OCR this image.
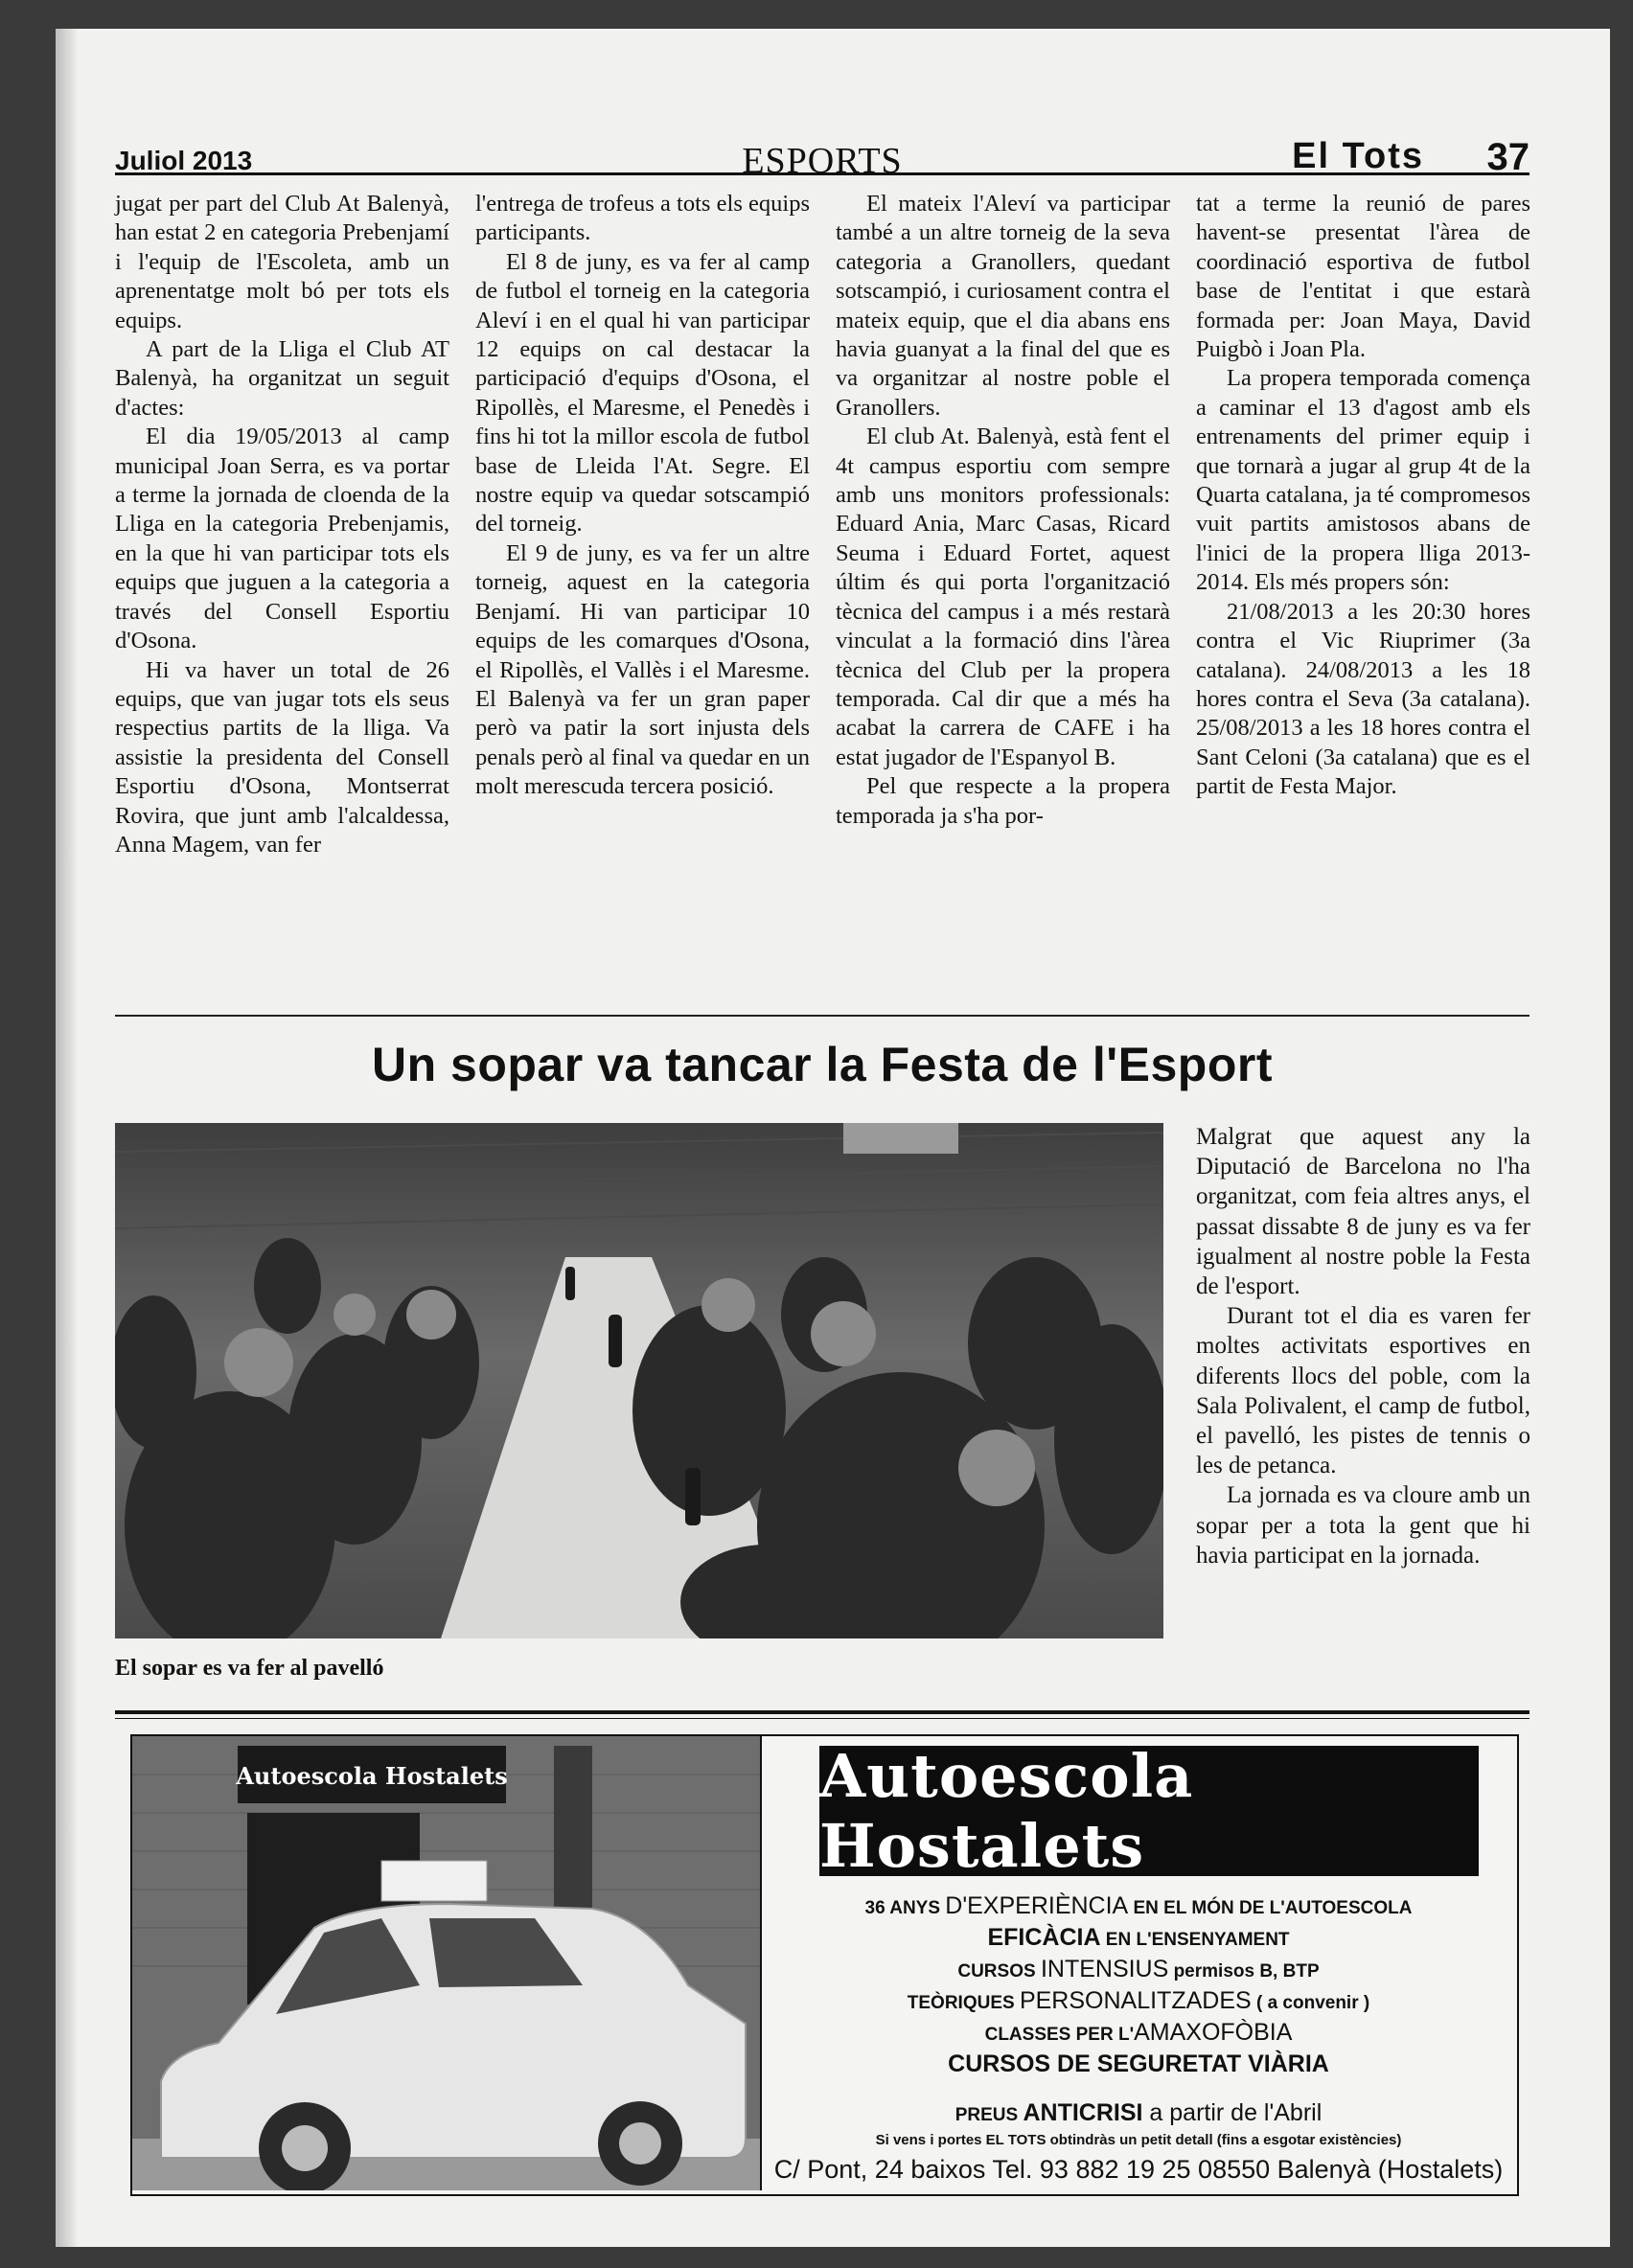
Juliol 2013	ESPORTS	El Tots 37

jugat per part del Club At Balenyà, han estat 2 en categoria Prebenjamí i l'equip de l'Escoleta, amb un aprenentatge molt bó per tots els equips.

A part de la Lliga el Club AT Balenyà, ha organitzat un seguit d'actes:

El dia 19/05/2013 al camp municipal Joan Serra, es va portar a terme la jornada de cloenda de la Lliga en la categoria Prebenjamis, en la que hi van participar tots els equips que juguen a la categoria a través del Consell Esportiu d'Osona.

Hi va haver un total de 26 equips, que van jugar tots els seus respectius partits de la lliga. Va assistie la presidenta del Consell Esportiu d'Osona, Montserrat Rovira, que junt amb l'alcaldessa, Anna Magem, van fer

l'entrega de trofeus a tots els equips participants.

El 8 de juny, es va fer al camp de futbol el torneig en la categoria Aleví i en el qual hi van participar 12 equips on cal destacar la participació d'equips d'Osona, el Ripollès, el Maresme, el Penedès i fins hi tot la millor escola de futbol base de Lleida l'At. Segre. El nostre equip va quedar sotscampió del torneig.

El 9 de juny, es va fer un altre torneig, aquest en la categoria Benjamí. Hi van participar 10 equips de les comarques d'Osona, el Ripollès, el Vallès i el Maresme. El Balenyà va fer un gran paper però va patir la sort injusta dels penals però al final va quedar en un molt merescuda tercera posició.

El mateix l'Aleví va participar també a un altre torneig de la seva categoria a Granollers, quedant sotscampió, i curiosament contra el mateix equip, que el dia abans ens havia guanyat a la final del que es va organitzar al nostre poble el Granollers.

El club At. Balenyà, està fent el 4t campus esportiu com sempre amb uns monitors professionals: Eduard Ania, Marc Casas, Ricard Seuma i Eduard Fortet, aquest últim és qui porta l'organització tècnica del campus i a més restarà vinculat a la formació dins l'àrea tècnica del Club per la propera temporada. Cal dir que a més ha acabat la carrera de CAFE i ha estat jugador de l'Espanyol B.

Pel que respecte a la propera temporada ja s'ha por-

tat a terme la reunió de pares havent-se presentat l'àrea de coordinació esportiva de futbol base de l'entitat i que estarà formada per: Joan Maya, David Puigbò i Joan Pla.

La propera temporada comença a caminar el 13 d'agost amb els entrenaments del primer equip i que tornarà a jugar al grup 4t de la Quarta catalana, ja té compromesos vuit partits amistosos abans de l'inici de la propera lliga 2013-2014. Els més propers són:

21/08/2013 a les 20:30 hores contra el Vic Riuprimer (3a catalana). 24/08/2013 a les 18 hores contra el Seva (3a catalana). 25/08/2013 a les 18 hores contra el Sant Celoni (3a catalana) que es el partit de Festa Major.

Un sopar va tancar la Festa de l'Esport
El sopar es va fer al pavelló

Malgrat que aquest any la Diputació de Barcelona no l'ha organitzat, com feia altres anys, el passat dissabte 8 de juny es va fer igualment al nostre poble la Festa de l'esport.

Durant tot el dia es varen fer moltes activitats esportives en diferents llocs del poble, com la Sala Polivalent, el camp de futbol, el pavelló, les pistes de tennis o les de petanca.

La jornada es va cloure amb un sopar per a tota la gent que hi havia participat en la jornada.

Autoescola Hostalets	Autoescola Hostalets
36 ANYS D'EXPERIÈNCIA EN EL MÓN DE L'AUTOESCOLA
EFICÀCIA EN L'ENSENYAMENT
CURSOS INTENSIUS permisos B, BTP
TEÒRIQUES PERSONALITZADES ( a convenir )
CLASSES PER L'AMAXOFÒBIA
CURSOS DE SEGURETAT VIÀRIA
PREUS ANTICRISI a partir de l'Abril
Si vens i portes EL TOTS obtindràs un petit detall (fins a esgotar existències)
C/ Pont, 24 baixos Tel. 93 882 19 25 08550 Balenyà (Hostalets)
